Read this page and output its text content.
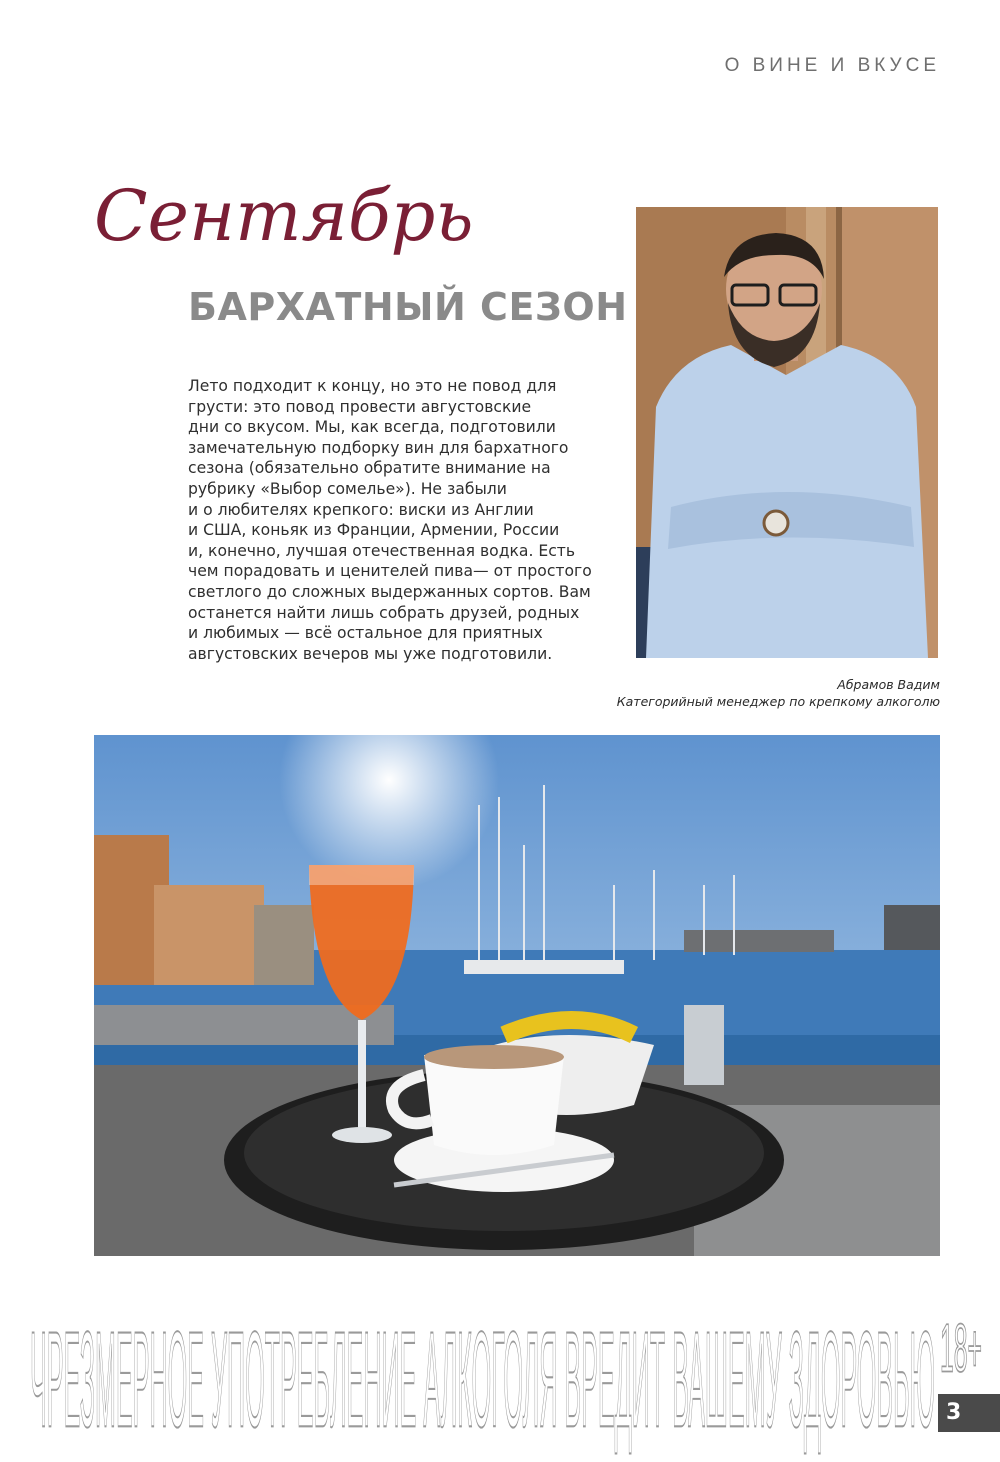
О ВИНЕ И ВКУСЕ
Сентябрь
БАРХАТНЫЙ СЕЗОН
Лето подходит к концу, но это не повод для
грусти: это повод провести августовские
дни со вкусом. Мы, как всегда, подготовили
замечательную подборку вин для бархатного
сезона (обязательно обратите внимание на
рубрику «Выбор сомелье»). Не забыли
и о любителях крепкого: виски из Англии
и США, коньяк из Франции, Армении, России
и, конечно, лучшая отечественная водка. Есть
чем порадовать и ценителей пива— от простого
светлого до сложных выдержанных сортов. Вам
останется найти лишь собрать друзей, родных
и любимых — всё остальное для приятных
августовских вечеров мы уже подготовили.
Абрамов Вадим
Категорийный менеджер по крепкому алкоголю
ЧРЕЗМЕРНОЕ УПОТРЕБЛЕНИЕ АЛКОГОЛЯ ВРЕДИТ ВАШЕМУ ЗДОРОВЬЮ 18+
3
